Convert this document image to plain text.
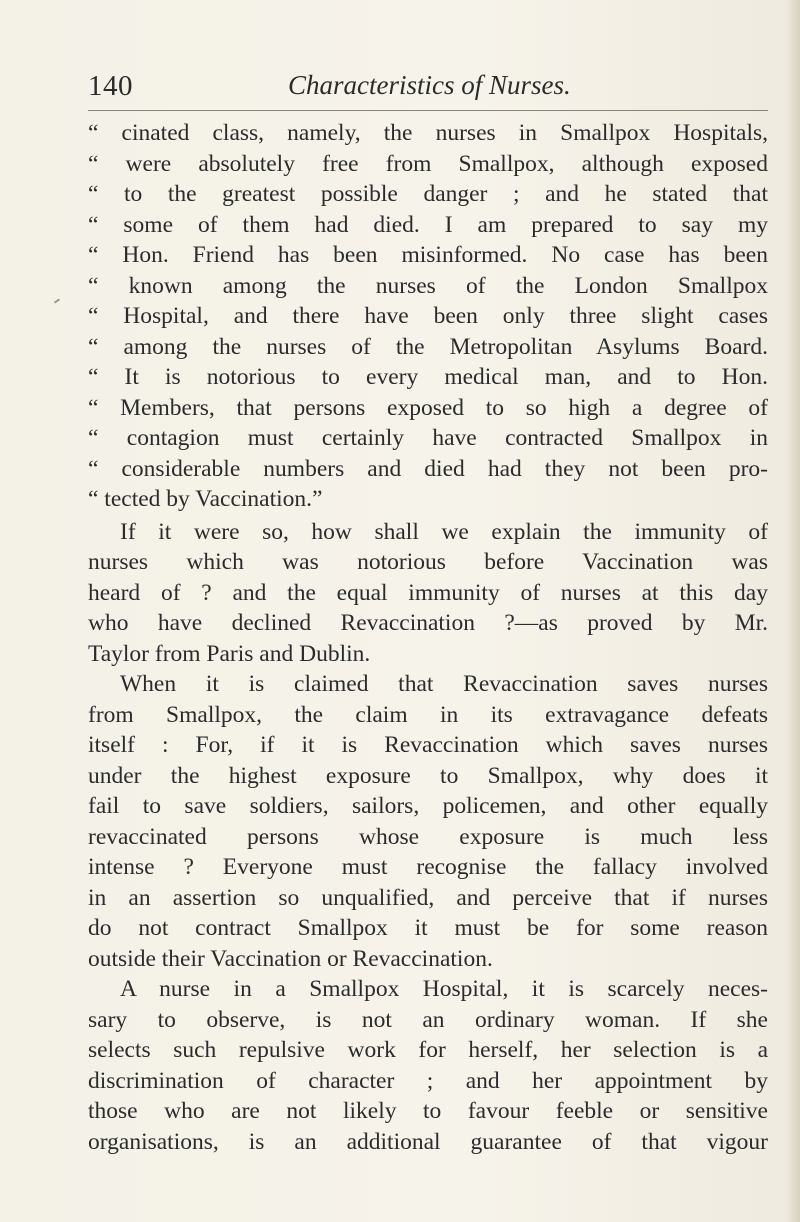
140	Characteristics of Nurses.
“ cinated class, namely, the nurses in Smallpox Hospitals,
“ were absolutely free from Smallpox, although exposed
“ to the greatest possible danger ; and he stated that
“ some of them had died. I am prepared to say my
“ Hon. Friend has been misinformed. No case has been
“ known among the nurses of the London Smallpox
“ Hospital, and there have been only three slight cases
“ among the nurses of the Metropolitan Asylums Board.
“ It is notorious to every medical man, and to Hon.
“ Members, that persons exposed to so high a degree of
“ contagion must certainly have contracted Smallpox in
“ considerable numbers and died had they not been pro-
“ tected by Vaccination.”
If it were so, how shall we explain the immunity of
nurses which was notorious before Vaccination was
heard of ? and the equal immunity of nurses at this day
who have declined Revaccination ?—as proved by Mr.
Taylor from Paris and Dublin.
When it is claimed that Revaccination saves nurses
from Smallpox, the claim in its extravagance defeats
itself : For, if it is Revaccination which saves nurses
under the highest exposure to Smallpox, why does it
fail to save soldiers, sailors, policemen, and other equally
revaccinated persons whose exposure is much less
intense ? Everyone must recognise the fallacy involved
in an assertion so unqualified, and perceive that if nurses
do not contract Smallpox it must be for some reason
outside their Vaccination or Revaccination.
A nurse in a Smallpox Hospital, it is scarcely neces-
sary to observe, is not an ordinary woman. If she
selects such repulsive work for herself, her selection is a
discrimination of character ; and her appointment by
those who are not likely to favour feeble or sensitive
organisations, is an additional guarantee of that vigour
